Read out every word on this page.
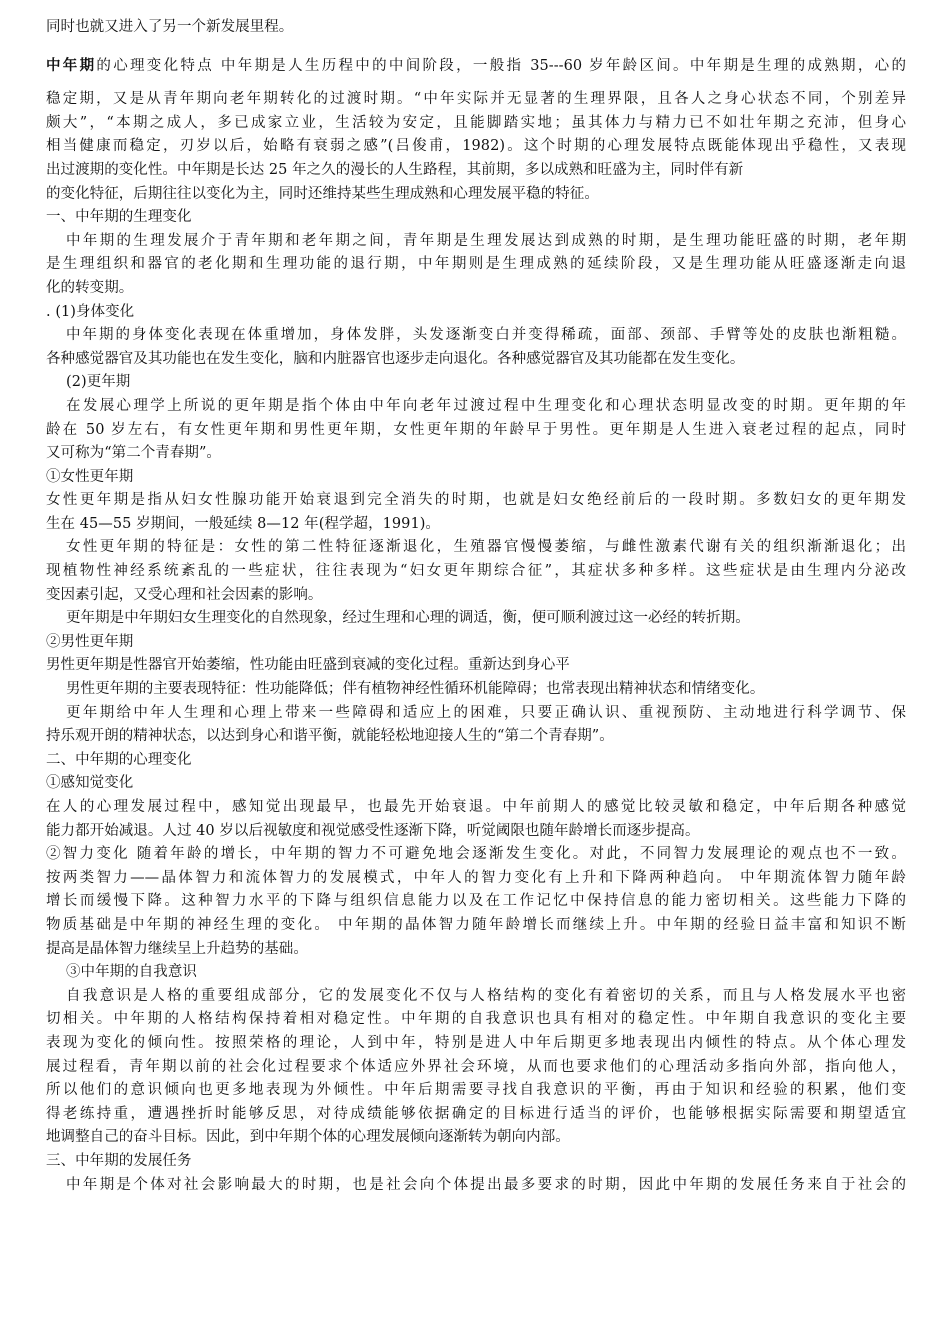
同时也就又进入了另一个新发展里程。

中年期的心理变化特点 中年期是人生历程中的中间阶段，一般指 35---60 岁年龄区间。中年期是生理的成熟期，心的

稳定期，又是从青年期向老年期转化的过渡时期。“中年实际并无显著的生理界限，且各人之身心状态不同，个别差异

颇大”，“本期之成人，多已成家立业，生活较为安定，且能脚踏实地；虽其体力与精力已不如壮年期之充沛，但身心

相当健康而稳定，刃岁以后，始略有衰弱之感”(吕俊甫，1982)。这个时期的心理发展特点既能体现出乎稳性，又表现

出过渡期的变化性。中年期是长达 25 年之久的漫长的人生路程，其前期，多以成熟和旺盛为主，同时伴有新

的变化特征，后期往往以变化为主，同时还维持某些生理成熟和心理发展平稳的特征。

一、中年期的生理变化

中年期的生理发展介于青年期和老年期之间，青年期是生理发展达到成熟的时期，是生理功能旺盛的时期，老年期

是生理组织和器官的老化期和生理功能的退行期，中年期则是生理成熟的延续阶段，又是生理功能从旺盛逐渐走向退

化的转变期。

. (1)身体变化

中年期的身体变化表现在体重增加，身体发胖，头发逐渐变白并变得稀疏，面部、颈部、手臂等处的皮肤也渐粗糙。

各种感觉器官及其功能也在发生变化，脑和内脏器官也逐步走向退化。各种感觉器官及其功能都在发生变化。

(2)更年期

在发展心理学上所说的更年期是指个体由中年向老年过渡过程中生理变化和心理状态明显改变的时期。更年期的年

龄在 50 岁左右，有女性更年期和男性更年期，女性更年期的年龄早于男性。更年期是人生进入衰老过程的起点，同时

又可称为“第二个青春期”。

①女性更年期

女性更年期是指从妇女性腺功能开始衰退到完全消失的时期，也就是妇女绝经前后的一段时期。多数妇女的更年期发

生在 45—55 岁期间，一般延续 8—12 年(程学超，1991)。

女性更年期的特征是：女性的第二性特征逐渐退化，生殖器官慢慢萎缩，与雌性激素代谢有关的组织渐渐退化；出

现植物性神经系统紊乱的一些症状，往往表现为“妇女更年期综合征”，其症状多种多样。这些症状是由生理内分泌改

变因素引起，又受心理和社会因素的影响。

更年期是中年期妇女生理变化的自然现象，经过生理和心理的调适，衡，便可顺利渡过这一必经的转折期。

②男性更年期

男性更年期是性器官开始萎缩，性功能由旺盛到衰减的变化过程。重新达到身心平

男性更年期的主要表现特征：性功能降低；伴有植物神经性循环机能障碍；也常表现出精神状态和情绪变化。

更年期给中年人生理和心理上带来一些障碍和适应上的困难，只要正确认识、重视预防、主动地进行科学调节、保

持乐观开朗的精神状态，以达到身心和谐平衡，就能轻松地迎接人生的“第二个青春期”。

二、中年期的心理变化

①感知觉变化

在人的心理发展过程中，感知觉出现最早，也最先开始衰退。中年前期人的感觉比较灵敏和稳定，中年后期各种感觉

能力都开始减退。人过 40 岁以后视敏度和视觉感受性逐渐下降，听觉阈限也随年龄增长而逐步提高。

②智力变化 随着年龄的增长，中年期的智力不可避免地会逐渐发生变化。对此，不同智力发展理论的观点也不一致。

按两类智力——晶体智力和流体智力的发展模式，中年人的智力变化有上升和下降两种趋向。 中年期流体智力随年龄

增长而缓慢下降。这种智力水平的下降与组织信息能力以及在工作记忆中保持信息的能力密切相关。这些能力下降的

物质基础是中年期的神经生理的变化。 中年期的晶体智力随年龄增长而继续上升。中年期的经验日益丰富和知识不断

提高是晶体智力继续呈上升趋势的基础。

③中年期的自我意识

自我意识是人格的重要组成部分，它的发展变化不仅与人格结构的变化有着密切的关系，而且与人格发展水平也密

切相关。中年期的人格结构保持着相对稳定性。中年期的自我意识也具有相对的稳定性。中年期自我意识的变化主要

表现为变化的倾向性。按照荣格的理论，人到中年，特别是进人中年后期更多地表现出内倾性的特点。从个体心理发

展过程看，青年期以前的社会化过程要求个体适应外界社会环境，从而也要求他们的心理活动多指向外部，指向他人，

所以他们的意识倾向也更多地表现为外倾性。中年后期需要寻找自我意识的平衡，再由于知识和经验的积累，他们变

得老练持重，遭遇挫折时能够反思，对待成绩能够依据确定的目标进行适当的评价，也能够根据实际需要和期望适宜

地调整自己的奋斗目标。因此，到中年期个体的心理发展倾向逐渐转为朝向内部。

三、中年期的发展任务

中年期是个体对社会影响最大的时期，也是社会向个体提出最多要求的时期，因此中年期的发展任务来自于社会的
